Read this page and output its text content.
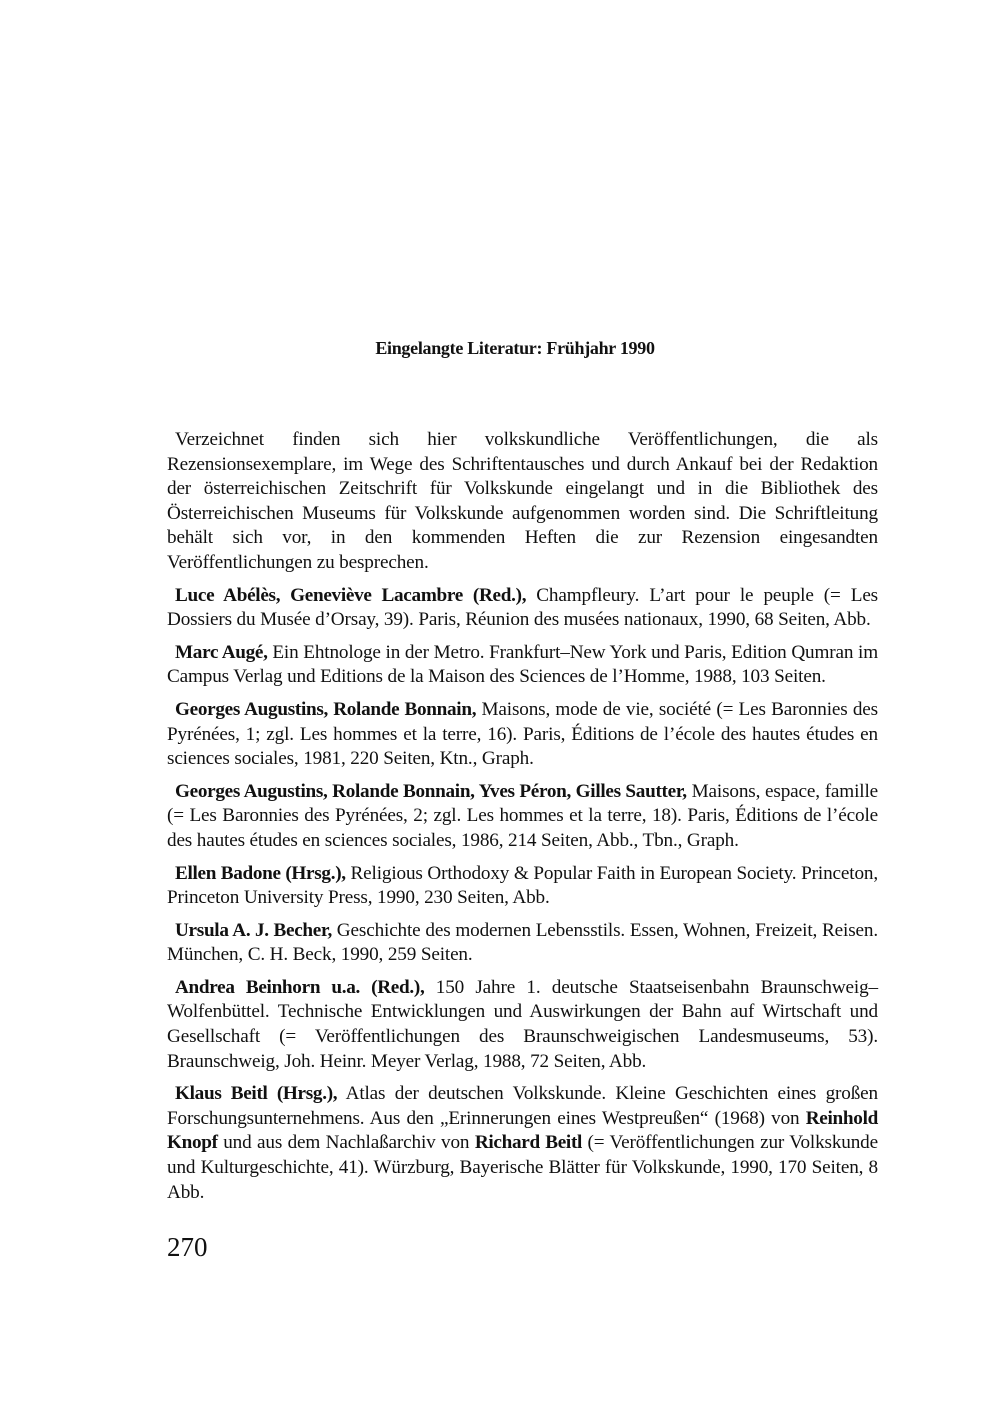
Eingelangte Literatur: Frühjahr 1990

Verzeichnet finden sich hier volkskundliche Veröffentlichungen, die als Rezensionsexemplare, im Wege des Schriftentausches und durch Ankauf bei der Redaktion der österreichischen Zeitschrift für Volkskunde eingelangt und in die Bibliothek des Österreichischen Museums für Volkskunde aufgenommen worden sind. Die Schriftleitung behält sich vor, in den kommenden Heften die zur Rezension eingesandten Veröffentlichungen zu besprechen.

Luce Abélès, Geneviève Lacambre (Red.), Champfleury. L’art pour le peuple (= Les Dossiers du Musée d’Orsay, 39). Paris, Réunion des musées nationaux, 1990, 68 Seiten, Abb.

Marc Augé, Ein Ehtnologe in der Metro. Frankfurt–New York und Paris, Edition Qumran im Campus Verlag und Editions de la Maison des Sciences de l’Homme, 1988, 103 Seiten.

Georges Augustins, Rolande Bonnain, Maisons, mode de vie, société (= Les Baronnies des Pyrénées, 1; zgl. Les hommes et la terre, 16). Paris, Éditions de l’école des hautes études en sciences sociales, 1981, 220 Seiten, Ktn., Graph.

Georges Augustins, Rolande Bonnain, Yves Péron, Gilles Sautter, Maisons, espace, famille (= Les Baronnies des Pyrénées, 2; zgl. Les hommes et la terre, 18). Paris, Éditions de l’école des hautes études en sciences sociales, 1986, 214 Seiten, Abb., Tbn., Graph.

Ellen Badone (Hrsg.), Religious Orthodoxy & Popular Faith in European Society. Princeton, Princeton University Press, 1990, 230 Seiten, Abb.

Ursula A. J. Becher, Geschichte des modernen Lebensstils. Essen, Wohnen, Freizeit, Reisen. München, C. H. Beck, 1990, 259 Seiten.

Andrea Beinhorn u.a. (Red.), 150 Jahre 1. deutsche Staatseisenbahn Braunschweig–Wolfenbüttel. Technische Entwicklungen und Auswirkungen der Bahn auf Wirtschaft und Gesellschaft (= Veröffentlichungen des Braunschweigischen Landesmuseums, 53). Braunschweig, Joh. Heinr. Meyer Verlag, 1988, 72 Seiten, Abb.

Klaus Beitl (Hrsg.), Atlas der deutschen Volkskunde. Kleine Geschichten eines großen Forschungsunternehmens. Aus den „Erinnerungen eines Westpreußen“ (1968) von Reinhold Knopf und aus dem Nachlaßarchiv von Richard Beitl (= Veröffentlichungen zur Volkskunde und Kulturgeschichte, 41). Würzburg, Bayerische Blätter für Volkskunde, 1990, 170 Seiten, 8 Abb.

270
